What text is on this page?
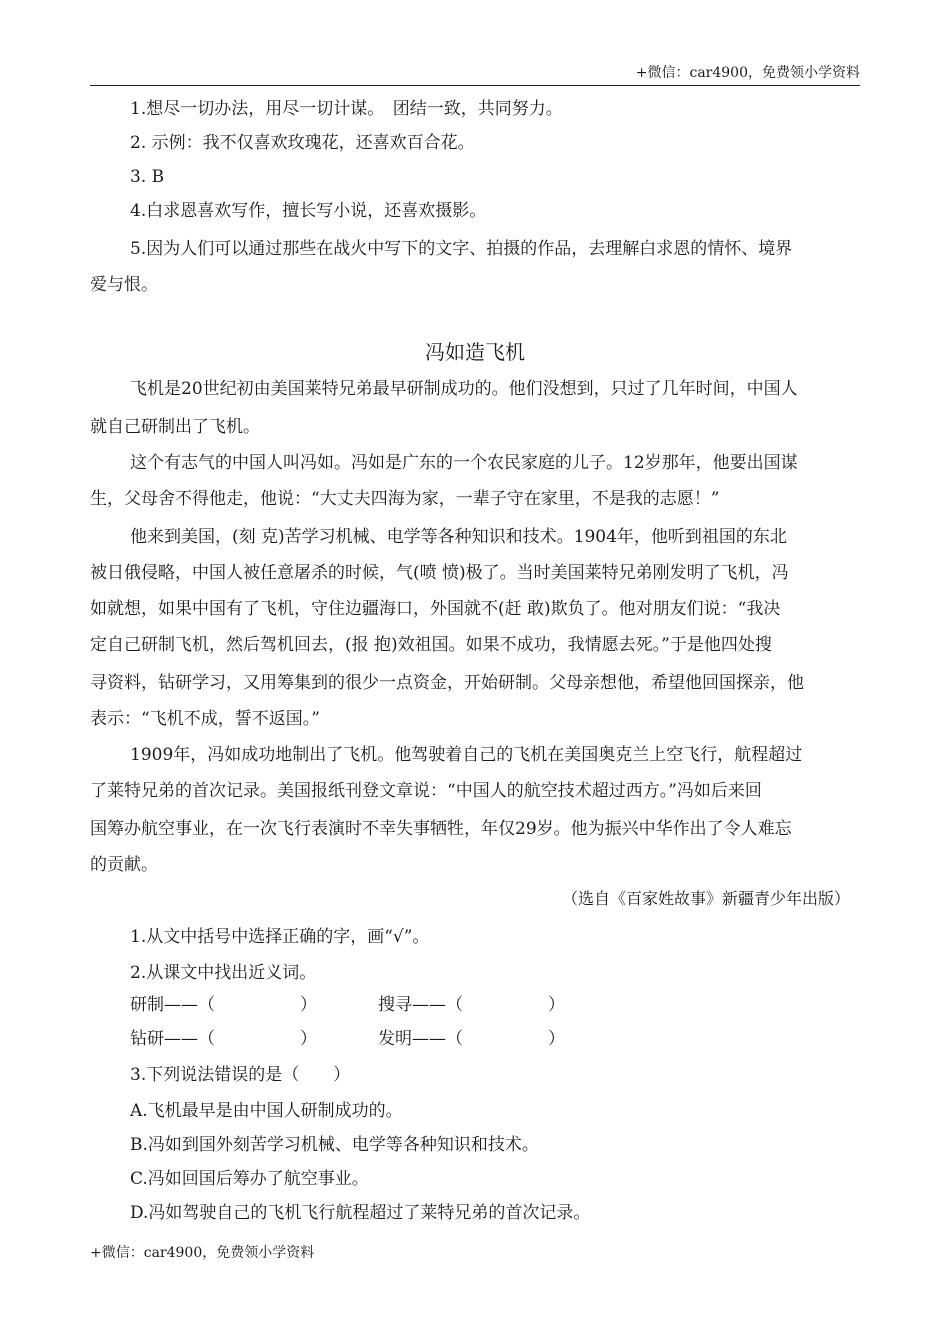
+微信：car4900，免费领小学资料
1.想尽一切办法，用尽一切计谋。　团结一致，共同努力。
2. 示例：我不仅喜欢玫瑰花，还喜欢百合花。
3. B
4.白求恩喜欢写作，擅长写小说，还喜欢摄影。
5.因为人们可以通过那些在战火中写下的文字、拍摄的作品，去理解白求恩的情怀、境界
爱与恨。
冯如造飞机
飞机是20世纪初由美国莱特兄弟最早研制成功的。他们没想到，只过了几年时间，中国人
就自己研制出了飞机。
这个有志气的中国人叫冯如。冯如是广东的一个农民家庭的儿子。12岁那年，他要出国谋
生，父母舍不得他走，他说：“大丈夫四海为家，一辈子守在家里，不是我的志愿！”
他来到美国，(刻 克)苦学习机械、电学等各种知识和技术。1904年，他听到祖国的东北
被日俄侵略，中国人被任意屠杀的时候，气(喷 愤)极了。当时美国莱特兄弟刚发明了飞机，冯
如就想，如果中国有了飞机，守住边疆海口，外国就不(赶 敢)欺负了。他对朋友们说：“我决
定自己研制飞机，然后驾机回去，(报 抱)效祖国。如果不成功，我情愿去死。”于是他四处搜
寻资料，钻研学习，又用筹集到的很少一点资金，开始研制。父母亲想他，希望他回国探亲，他
表示：“飞机不成，誓不返国。”
1909年，冯如成功地制出了飞机。他驾驶着自己的飞机在美国奥克兰上空飞行，航程超过
了莱特兄弟的首次记录。美国报纸刊登文章说：“中国人的航空技术超过西方。”冯如后来回
国筹办航空事业，在一次飞行表演时不幸失事牺牲，年仅29岁。他为振兴中华作出了令人难忘
的贡献。
（选自《百家姓故事》新疆青少年出版）
1.从文中括号中选择正确的字，画“√”。
2.从课文中找出近义词。
研制——（　　　　　）	搜寻——（　　　　　）
钻研——（　　　　　）	发明——（　　　　　）
3.下列说法错误的是（　　）
A.飞机最早是由中国人研制成功的。
B.冯如到国外刻苦学习机械、电学等各种知识和技术。
C.冯如回国后筹办了航空事业。
D.冯如驾驶自己的飞机飞行航程超过了莱特兄弟的首次记录。
+微信：car4900，免费领小学资料
